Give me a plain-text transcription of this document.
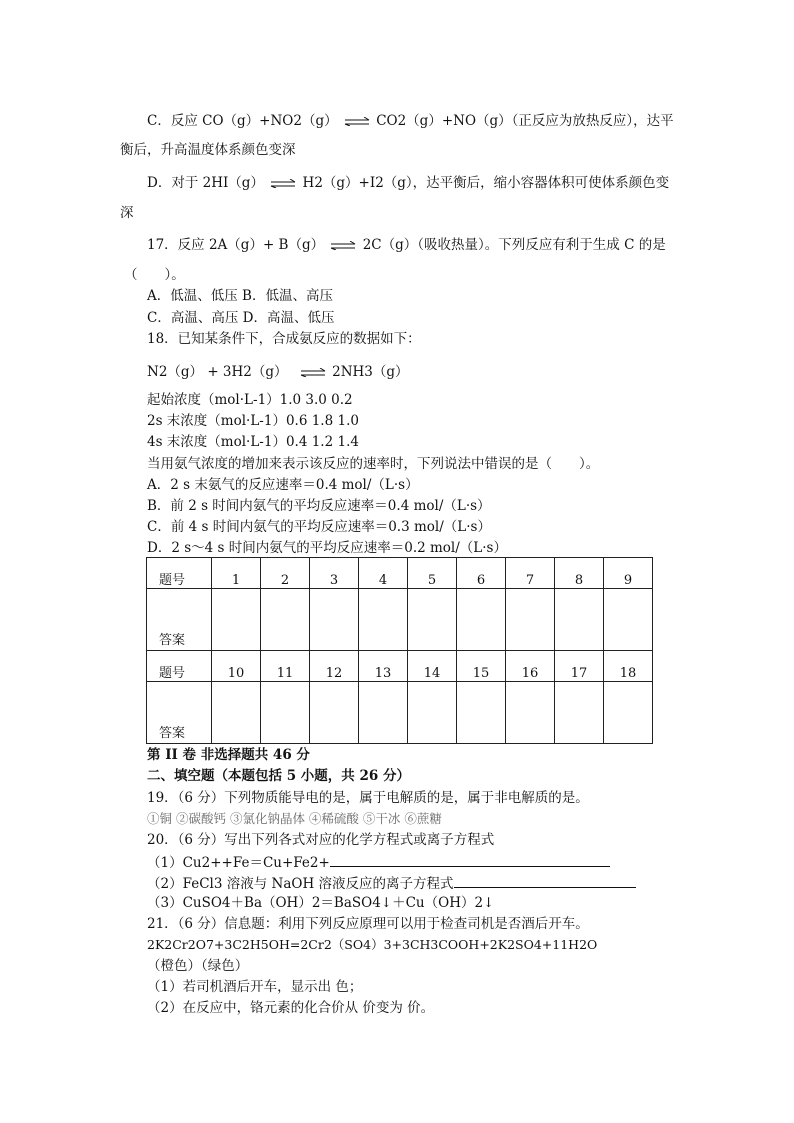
C．反应 CO（g）+NO2（g） ⇌ CO2（g）+NO（g）（正反应为放热反应），达平
衡后，升高温度体系颜色变深
D．对于 2HI（g） ⇌ H2（g）+I2（g），达平衡后，缩小容器体积可使体系颜色变
深
17．反应 2A（g）+ B（g） ⇌ 2C（g）（吸收热量）。下列反应有利于生成 C 的是
（　　）。
A．低温、低压 B．低温、高压
C．高温、高压 D．高温、低压
18．已知某条件下，合成氨反应的数据如下：
N2（g） + 3H2（g） ⇌ 2NH3（g）
起始浓度（mol·L-1）1.0 3.0 0.2
2s 末浓度（mol·L-1）0.6 1.8 1.0
4s 末浓度（mol·L-1）0.4 1.2 1.4
当用氨气浓度的增加来表示该反应的速率时，下列说法中错误的是（　　）。
A．2 s 末氨气的反应速率＝0.4 mol/（L·s）
B．前 2 s 时间内氨气的平均反应速率＝0.4 mol/（L·s）
C．前 4 s 时间内氨气的平均反应速率＝0.3 mol/（L·s）
D．2 s～4 s 时间内氨气的平均反应速率＝0.2 mol/（L·s）
题号	1	2	3	4	5	6	7	8	9

答案									

题号	10	11	12	13	14	15	16	17	18

答案									

第 II 卷 非选择题共 46 分
二、填空题（本题包括 5 小题，共 26 分）
19．（6 分）下列物质能导电的是，属于电解质的是，属于非电解质的是。
①铜 ②碳酸钙 ③氯化钠晶体 ④稀硫酸 ⑤干冰 ⑥蔗糖
20．（6 分）写出下列各式对应的化学方程式或离子方程式
（1）Cu2++Fe＝Cu+Fe2+
（2）FeCl3 溶液与 NaOH 溶液反应的离子方程式
（3）CuSO4＋Ba（OH）2＝BaSO4↓＋Cu（OH）2↓
21．（6 分）信息题：利用下列反应原理可以用于检查司机是否酒后开车。
2K2Cr2O7+3C2H5OH=2Cr2（SO4）3+3CH3COOH+2K2SO4+11H2O
（橙色）（绿色）
（1）若司机酒后开车，显示出 色；
（2）在反应中，铬元素的化合价从 价变为 价。
